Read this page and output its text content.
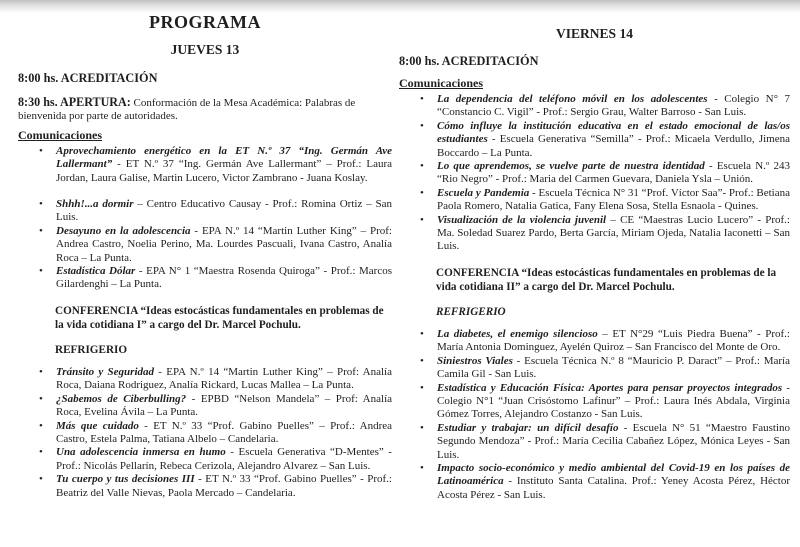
PROGRAMA
JUEVES 13

8:00 hs. ACREDITACIÓN

8:30 hs. APERTURA: Conformación de la Mesa Académica: Palabras de bienvenida por parte de autoridades.

Comunicaciones

• Aprovechamiento energético en la ET N.º 37 “Ing. Germán Ave Lallermant” - ET N.º 37 “Ing. Germán Ave Lallermant” – Prof.: Laura Jordan, Laura Galise, Martin Lucero, Victor Zambrano - Juana Koslay.
• Shhh!...a dormir – Centro Educativo Causay - Prof.: Romina Ortiz – San Luis.
• Desayuno en la adolescencia - EPA N.º 14 “Martin Luther King” – Prof: Andrea Castro, Noelia Perino, Ma. Lourdes Pascuali, Ivana Castro, Analía Roca – La Punta.
• Estadística Dólar - EPA N° 1 “Maestra Rosenda Quiroga” - Prof.: Marcos Gilardenghi – La Punta.

CONFERENCIA “Ideas estocásticas fundamentales en problemas de la vida cotidiana I” a cargo del Dr. Marcel Pochulu.

REFRIGERIO

• Tránsito y Seguridad - EPA N.º 14 “Martin Luther King” – Prof: Analía Roca, Daiana Rodriguez, Analía Rickard, Lucas Mallea – La Punta.
• ¿Sabemos de Ciberbulling? - EPBD “Nelson Mandela” – Prof: Analía Roca, Evelina Ávila – La Punta.
• Más que cuidado - ET N.º 33 “Prof. Gabino Puelles” – Prof.: Andrea Castro, Estela Palma, Tatiana Albelo – Candelaria.
• Una adolescencia inmersa en humo - Escuela Generativa “D-Mentes” - Prof.: Nicolás Pellarín, Rebeca Cerizola, Alejandro Alvarez – San Luis.
• Tu cuerpo y tus decisiones III - ET N.º 33 “Prof. Gabino Puelles” - Prof.: Beatriz del Valle Nievas, Paola Mercado – Candelaria.
VIERNES 14

8:00 hs. ACREDITACIÓN

Comunicaciones

• La dependencia del teléfono móvil en los adolescentes - Colegio N° 7 “Constancio C. Vigil” - Prof.: Sergio Grau, Walter Barroso - San Luis.
• Cómo influye la institución educativa en el estado emocional de las/os estudiantes - Escuela Generativa “Semilla” - Prof.: Micaela Verdullo, Jimena Boccardo – La Punta.
• Lo que aprendemos, se vuelve parte de nuestra identidad - Escuela N.º 243 “Rio Negro” - Prof.: Maria del Carmen Guevara, Daniela Ysla – Unión.
• Escuela y Pandemia - Escuela Técnica N° 31 “Prof. Víctor Saa”- Prof.: Betiana Paola Romero, Natalia Gatica, Fany Elena Sosa, Stella Esnaola - Quines.
• Visualización de la violencia juvenil – CE “Maestras Lucio Lucero” - Prof.: Ma. Soledad Suarez Pardo, Berta García, Miriam Ojeda, Natalia Iaconetti – San Luis.

CONFERENCIA “Ideas estocásticas fundamentales en problemas de la vida cotidiana II” a cargo del Dr. Marcel Pochulu.

REFRIGERIO

• La diabetes, el enemigo silencioso – ET N°29 “Luis Piedra Buena” - Prof.: María Antonia Dominguez, Ayelén Quiroz – San Francisco del Monte de Oro.
• Siniestros Viales - Escuela Técnica N.º 8 “Mauricio P. Daract” – Prof.: María Camila Gil - San Luis.
• Estadística y Educación Física: Aportes para pensar proyectos integrados - Colegio N°1 “Juan Crisóstomo Lafinur” – Prof.: Laura Inés Abdala, Virginia Gómez Torres, Alejandro Costanzo - San Luis.
• Estudiar y trabajar: un difícil desafío - Escuela N° 51 “Maestro Faustino Segundo Mendoza” - Prof.: María Cecilia Cabañez López, Mónica Leyes - San Luis.
• Impacto socio-económico y medio ambiental del Covid-19 en los países de Latinoamérica - Instituto Santa Catalina. Prof.: Yeney Acosta Pérez, Héctor Acosta Pérez - San Luis.
